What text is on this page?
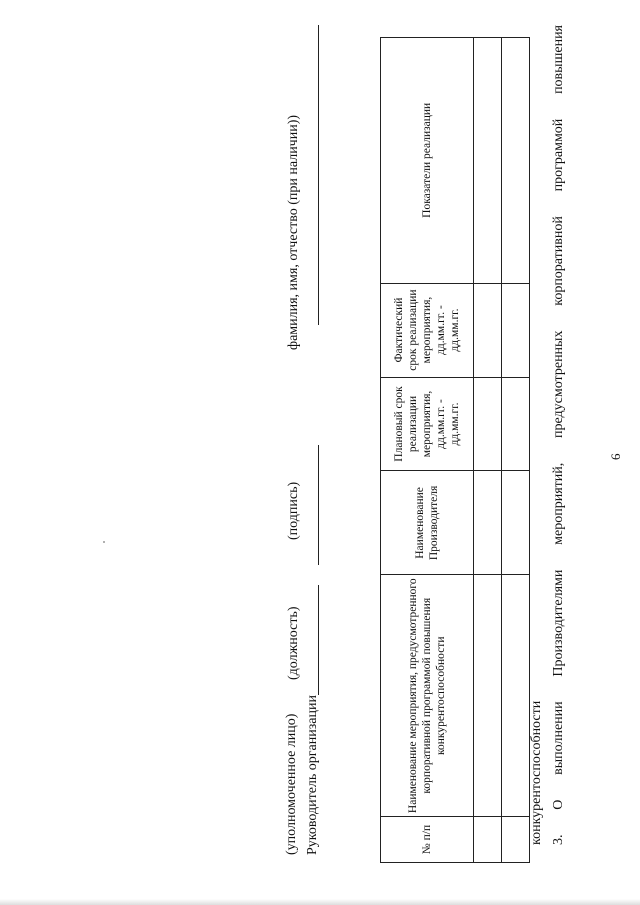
6
3. О выполнении Производителями мероприятий, предусмотренных корпоративной программой повышения
конкурентоспособности
№ п/п	Наименование мероприятия, предусмотренного корпоративной программой повышения конкурентоспособности	Наименование Производителя	Плановый срок реализации мероприятия, дд.мм.гг. - дд.мм.гг.	Фактический срок реализации мероприятия, дд.мм.гг. - дд.мм.гг.	Показатели реализации

Руководитель организации
(уполномоченное лицо)
(должность)
(подпись)
фамилия, имя, отчество (при наличии))
